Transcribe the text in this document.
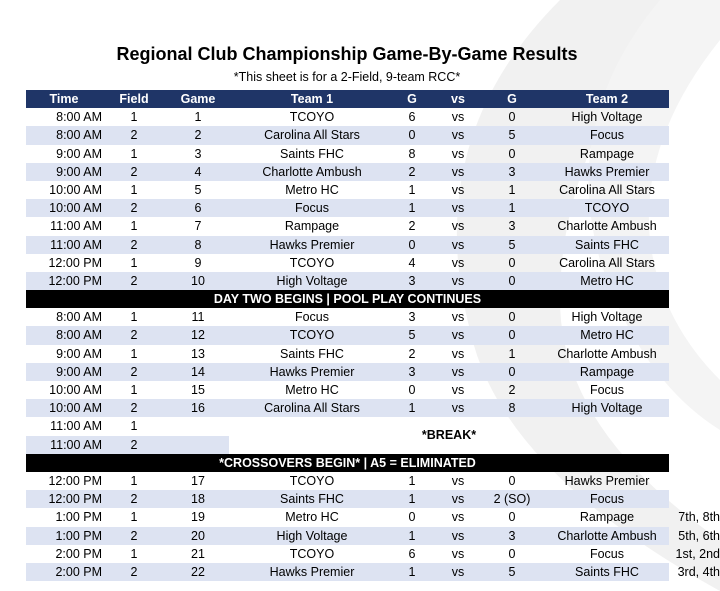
Regional Club Championship Game-By-Game Results
*This sheet is for a 2-Field, 9-team RCC*
Time	Field	Game	Team 1	G	vs	G	Team 2
8:00 AM	1	1	TCOYO	6	vs	0	High Voltage
8:00 AM	2	2	Carolina All Stars	0	vs	5	Focus
9:00 AM	1	3	Saints FHC	8	vs	0	Rampage
9:00 AM	2	4	Charlotte Ambush	2	vs	3	Hawks Premier
10:00 AM	1	5	Metro HC	1	vs	1	Carolina All Stars
10:00 AM	2	6	Focus	1	vs	1	TCOYO
11:00 AM	1	7	Rampage	2	vs	3	Charlotte Ambush
11:00 AM	2	8	Hawks Premier	0	vs	5	Saints FHC
12:00 PM	1	9	TCOYO	4	vs	0	Carolina All Stars
12:00 PM	2	10	High Voltage	3	vs	0	Metro HC
DAY TWO BEGINS | POOL PLAY CONTINUES
8:00 AM	1	11	Focus	3	vs	0	High Voltage
8:00 AM	2	12	TCOYO	5	vs	0	Metro HC
9:00 AM	1	13	Saints FHC	2	vs	1	Charlotte Ambush
9:00 AM	2	14	Hawks Premier	3	vs	0	Rampage
10:00 AM	1	15	Metro HC	0	vs	2	Focus
10:00 AM	2	16	Carolina All Stars	1	vs	8	High Voltage
11:00 AM	1
11:00 AM	2
*BREAK*
*CROSSOVERS BEGIN* | A5 = ELIMINATED
12:00 PM	1	17	TCOYO	1	vs	0	Hawks Premier
12:00 PM	2	18	Saints FHC	1	vs	2 (SO)	Focus
1:00 PM	1	19	Metro HC	0	vs	0	Rampage	7th, 8th
1:00 PM	2	20	High Voltage	1	vs	3	Charlotte Ambush	5th, 6th
2:00 PM	1	21	TCOYO	6	vs	0	Focus	1st, 2nd
2:00 PM	2	22	Hawks Premier	1	vs	5	Saints FHC	3rd, 4th
